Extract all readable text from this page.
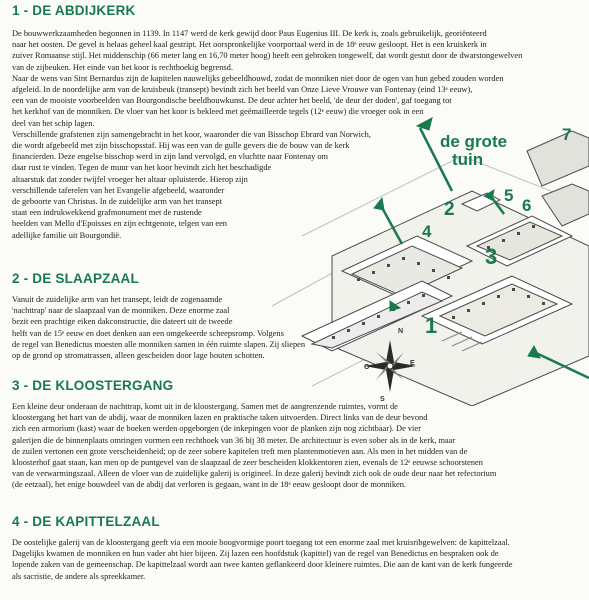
1 - DE ABDIJKERK
De bouwwerkzaamheden begonnen in 1139. In 1147 werd de kerk gewijd door Paus Eugenius III. De kerk is, zoals gebruikelijk, georiënteerd
naar het oosten. De gevel is helaas geheel kaal gestript. Het oorspronkelijke voorportaal werd in de 18ᵉ eeuw gesloopt. Het is een kruiskerk in
zuiver Romaanse stijl. Het middenschip (66 meter lang en 16,70 meter hoog) heeft een gebroken tongewelf, dat wordt gestut door de dwarstongewelven
van de zijbeuken. Het einde van het koor is rechthoekig begrensd.
Naar de wens van Sint Bernardus zijn de kapitelen nauwelijks gebeeldhouwd, zodat de monniken niet door de ogen van hun gebed zouden worden
afgeleid. In de noordelijke arm van de kruisbeuk (transept) bevindt zich het beeld van Onze Lieve Vrouwe van Fontenay (eind 13ᵉ eeuw),
een van de mooiste voorbeelden van Bourgondische beeldhouwkunst. De deur achter het beeld, 'de deur der doden', gaf toegang tot
het kerkhof van de monniken. De vloer van het koor is bekleed met geëmailleerde tegels (12ᵉ eeuw) die vroeger ook in een
deel van het schip lagen.
Verschillende grafstenen zijn samengebracht in het koor, waaronder die van Bisschop Ebrard van Norwich,
die wordt afgebeeld met zijn bisschopsstaf. Hij was een van de gulle gevers die de bouw van de kerk
financierden. Deze engelse bisschop werd in zijn land vervolgd, en vluchtte naar Fontenay om
daar rust te vinden. Tegen de muur van het koor bevindt zich het beschadigde
altaarstuk dat zonder twijfel vroeger het altaar opluisterde. Hierop zijn
verschillende taferelen van het Evangelie afgebeeld, waaronder
de geboorte van Christus. In de zuidelijke arm van het transept
staat een indrukwekkend grafmonument met de rustende
beelden van Mello d'Epoisses en zijn echtgenote, telgen van een
adellijke familie uit Bourgondië.
2 - DE SLAAPZAAL
Vanuit de zuidelijke arm van het transept, leidt de zogenaamde
'nachttrap' naar de slaapzaal van de monniken. Deze enorme zaal
bezit een prachtige eiken dakconstructie, die dateert uit de tweede
helft van de 15ᵉ eeuw en doet denken aan een omgekeerde scheepsromp. Volgens
de regel van Benedictus moesten alle monniken samen in één ruimte slapen. Zij sliepen
op de grond op stromatrassen, alleen gescheiden door lage houten schotten.
3 - DE KLOOSTERGANG
Een kleine deur onderaan de nachttrap, komt uit in de kloostergang. Samen met de aangrenzende ruimtes, vormt de
kloostergang het hart van de abdij, waar de monniken lazen en praktische taken uitvoerden. Direct links van de deur bevond
zich een armorium (kast) waar de boeken werden opgeborgen (de inkepingen voor de planken zijn nog zichtbaar). De vier
galerijen die de binnenplaats omringen vormen een rechthoek van 36 bij 38 meter. De architectuur is even sober als in de kerk, maar
de zuilen vertonen een grote verscheidenheid; op de zeer sobere kapitelen treft men plantenmotieven aan. Als men in het midden van de
kloosterhof gaat staan, kan men op de puntgevel van de slaapzaal de zeer bescheiden klokkentoren zien, evenals de 12ᵉ eeuwse schoorstenen
van de verwarmingszaal. Alleen de vloer van de zuidelijke galerij is origineel. In deze galerij bevindt zich ook de oude deur naar het refectorium
(de eetzaal), het enige bouwdeel van de abdij dat verloren is gegaan, want in de 18ᵉ eeuw gesloopt door de monniken.
4 - DE KAPITTELZAAL
De oostelijke galerij van de kloostergang geeft via een mooie boogvormige poort toegang tot een enorme zaal met kruisribgewelven: de kapittelzaal.
Dagelijks kwamen de monniken en hun vader abt hier bijeen. Zij lazen een hoofdstuk (kapittel) van de regel van Benedictus en bespraken ook de
lopende zaken van de gemeenschap. De kapittelzaal wordt aan twee kanten geflankeerd door kleinere ruimtes. Die aan de kant van de kerk fungeerde
als sacristie, de andere als spreekkamer.
de grote
tuin
1
2
3
4
5
6
7
N
E
S
O
